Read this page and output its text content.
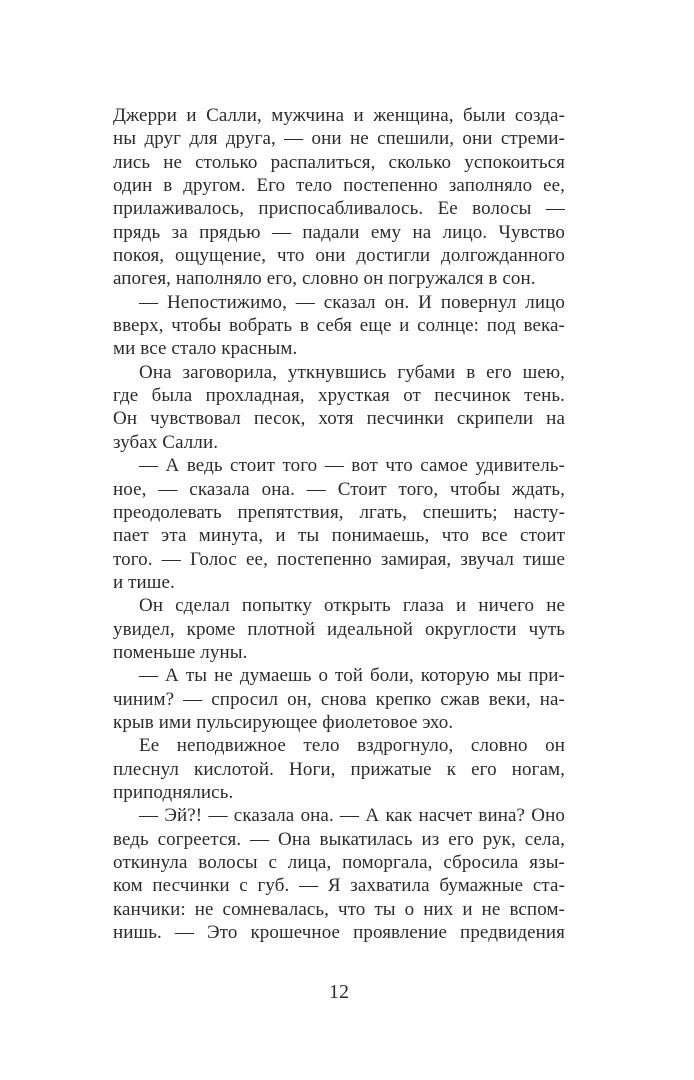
Джерри и Салли, мужчина и женщина, были созда-
ны друг для друга, — они не спешили, они стреми-
лись не столько распалиться, сколько успокоиться
один в другом. Его тело постепенно заполняло ее,
прилаживалось, приспосабливалось. Ее волосы —
прядь за прядью — падали ему на лицо. Чувство
покоя, ощущение, что они достигли долгожданного
апогея, наполняло его, словно он погружался в сон.
— Непостижимо, — сказал он. И повернул лицо
вверх, чтобы вобрать в себя еще и солнце: под века-
ми все стало красным.
Она заговорила, уткнувшись губами в его шею,
где была прохладная, хрусткая от песчинок тень.
Он чувствовал песок, хотя песчинки скрипели на
зубах Салли.
— А ведь стоит того — вот что самое удивитель-
ное, — сказала она. — Стоит того, чтобы ждать,
преодолевать препятствия, лгать, спешить; насту-
пает эта минута, и ты понимаешь, что все стоит
того. — Голос ее, постепенно замирая, звучал тише
и тише.
Он сделал попытку открыть глаза и ничего не
увидел, кроме плотной идеальной округлости чуть
поменьше луны.
— А ты не думаешь о той боли, которую мы при-
чиним? — спросил он, снова крепко сжав веки, на-
крыв ими пульсирующее фиолетовое эхо.
Ее неподвижное тело вздрогнуло, словно он
плеснул кислотой. Ноги, прижатые к его ногам,
приподнялись.
— Эй?! — сказала она. — А как насчет вина? Оно
ведь согреется. — Она выкатилась из его рук, села,
откинула волосы с лица, поморгала, сбросила язы-
ком песчинки с губ. — Я захватила бумажные ста-
канчики: не сомневалась, что ты о них и не вспом-
нишь. — Это крошечное проявление предвидения
12
